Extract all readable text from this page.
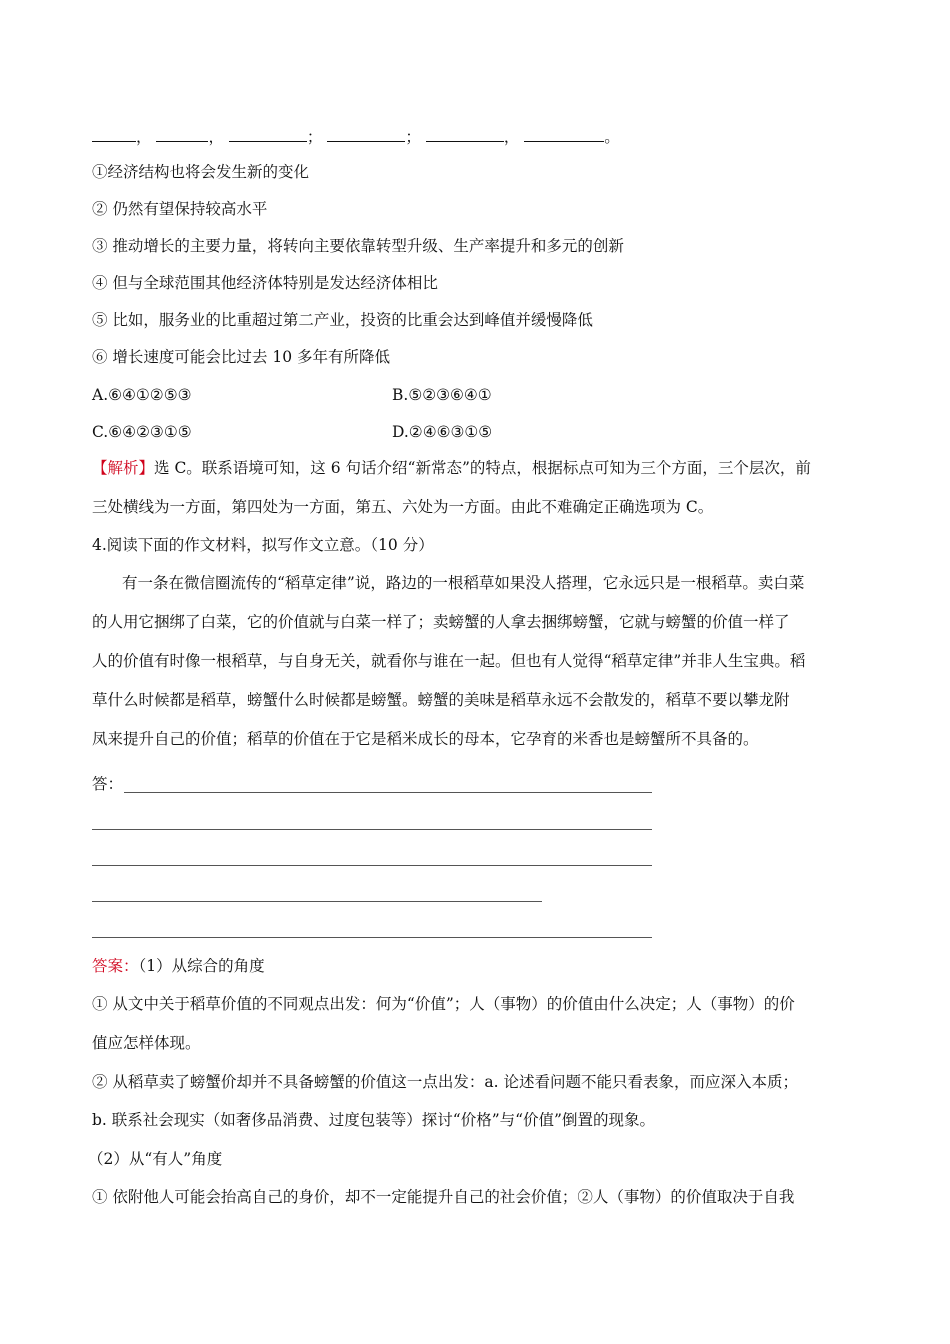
，	，	；	；	，	。
①经济结构也将会发生新的变化
② 仍然有望保持较高水平
③ 推动增长的主要力量，将转向主要依靠转型升级、生产率提升和多元的创新
④ 但与全球范围其他经济体特别是发达经济体相比
⑤ 比如，服务业的比重超过第二产业，投资的比重会达到峰值并缓慢降低
⑥ 增长速度可能会比过去 10 多年有所降低
A.⑥④①②⑤③	B.⑤②③⑥④①
C.⑥④②③①⑤	D.②④⑥③①⑤
【解析】选 C。联系语境可知，这 6 句话介绍“新常态”的特点，根据标点可知为三个方面，三个层次，前
三处横线为一方面，第四处为一方面，第五、六处为一方面。由此不难确定正确选项为 C。
4.阅读下面的作文材料，拟写作文立意。（10 分）
有一条在微信圈流传的“稻草定律”说，路边的一根稻草如果没人搭理，它永远只是一根稻草。卖白菜
的人用它捆绑了白菜，它的价值就与白菜一样了；卖螃蟹的人拿去捆绑螃蟹，它就与螃蟹的价值一样了
人的价值有时像一根稻草，与自身无关，就看你与谁在一起。但也有人觉得“稻草定律”并非人生宝典。稻
草什么时候都是稻草，螃蟹什么时候都是螃蟹。螃蟹的美味是稻草永远不会散发的，稻草不要以攀龙附
凤来提升自己的价值；稻草的价值在于它是稻米成长的母本，它孕育的米香也是螃蟹所不具备的。
答：
答案：（1）从综合的角度
① 从文中关于稻草价值的不同观点出发：何为“价值”；人（事物）的价值由什么决定；人（事物）的价
值应怎样体现。
② 从稻草卖了螃蟹价却并不具备螃蟹的价值这一点出发：a. 论述看问题不能只看表象，而应深入本质；
b. 联系社会现实（如奢侈品消费、过度包装等）探讨“价格”与“价值”倒置的现象。
（2）从“有人”角度
① 依附他人可能会抬高自己的身价，却不一定能提升自己的社会价值；②人（事物）的价值取决于自我
